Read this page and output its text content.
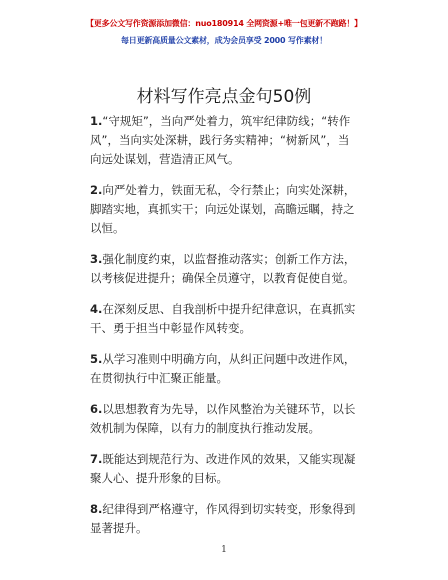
【更多公文写作资源添加微信：nuo180914 全网资源+唯一包更新不跑路！】
每日更新高质量公文素材，成为会员享受 2000 写作素材！
材料写作亮点金句50例
1.“守规矩”，当向严处着力，筑牢纪律防线；“转作风”，当向实处深耕，践行务实精神；“树新风”，当向远处谋划，营造清正风气。
2.向严处着力，铁面无私，令行禁止；向实处深耕，脚踏实地，真抓实干；向远处谋划，高瞻远瞩，持之以恒。
3.强化制度约束，以监督推动落实；创新工作方法，以考核促进提升；确保全员遵守，以教育促使自觉。
4.在深刻反思、自我剖析中提升纪律意识，在真抓实干、勇于担当中彰显作风转变。
5.从学习准则中明确方向，从纠正问题中改进作风，在贯彻执行中汇聚正能量。
6.以思想教育为先导，以作风整治为关键环节，以长效机制为保障，以有力的制度执行推动发展。
7.既能达到规范行为、改进作风的效果，又能实现凝聚人心、提升形象的目标。
8.纪律得到严格遵守，作风得到切实转变，形象得到显著提升。
1
